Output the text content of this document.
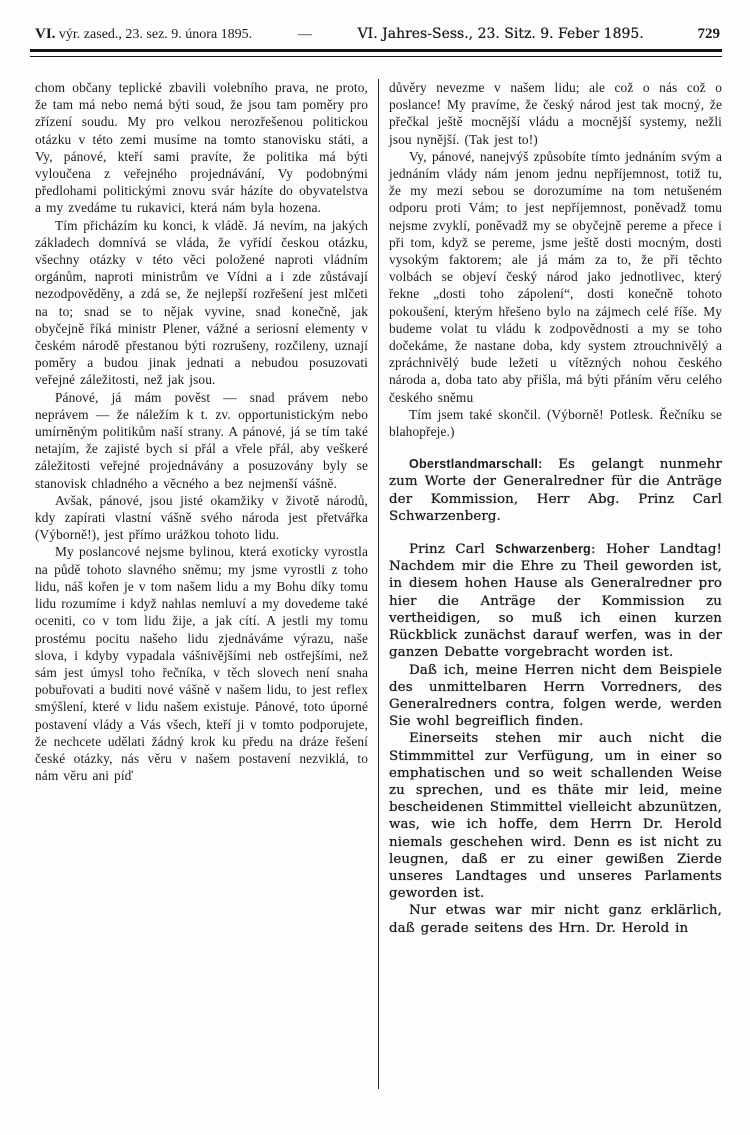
VI. výr. zased., 23. sez. 9. února 1895.	—	VI. Jahres-Sess., 23. Sitz. 9. Feber 1895.	729

chom občany teplické zbavili volebního prava, ne proto, že tam má nebo nemá býti soud, že jsou tam poměry pro zřízení soudu. My pro velkou nerozřešenou politickou otázku v této zemi musíme na tomto stanovisku státi, a Vy, pánové, kteří sami pravíte, že politika má býti vyloučena z veřejného projednávání, Vy podobnými předlohami politickými znovu svár házíte do obyvatelstva a my zvedáme tu rukavici, která nám byla hozena.

Tím přicházím ku konci, k vládě. Já nevím, na jakých základech domnívá se vláda, že vyřídí českou otázku, všechny otázky v této věci položené naproti vládním orgánům, naproti ministrům ve Vídni a i zde zůstávají nezodpověděny, a zdá se, že nejlepší rozřešení jest mlčeti na to; snad se to nějak vyvine, snad konečně, jak obyčejně říká ministr Plener, vážné a seriosní elementy v českém národě přestanou býti rozrušeny, rozčileny, uznají poměry a budou jinak jednati a nebudou posuzovati veřejné záležitosti, než jak jsou.

Pánové, já mám pověst — snad právem nebo neprávem — že náležím k t. zv. opportunistickým nebo umírněným politikům naší strany. A pánové, já se tím také netajím, že zajisté bych si přál a vřele přál, aby veškeré záležitosti veřejné projednávány a posuzovány byly se stanovisk chladného a věcného a bez nejmenší vášně.

Avšak, pánové, jsou jisté okamžiky v životě národů, kdy zapírati vlastní vášně svého národa jest přetvářka (Výborně!), jest přímo urážkou tohoto lidu.

My poslancové nejsme bylinou, která exoticky vyrostla na půdě tohoto slavného sněmu; my jsme vyrostli z toho lidu, náš kořen je v tom našem lidu a my Bohu díky tomu lidu rozumíme i když nahlas nemluví a my dovedeme také oceniti, co v tom lidu žije, a jak cítí. A jestli my tomu prostému pocitu našeho lidu zjednáváme výrazu, naše slova, i kdyby vypadala vášnivějšími neb ostřejšími, než sám jest úmysl toho řečníka, v těch slovech není snaha pobuřovati a buditi nové vášně v našem lidu, to jest reflex smýšlení, které v lidu našem existuje. Pánové, toto úporné postavení vlády a Vás všech, kteří ji v tomto podporujete, že nechcete udělati žádný krok ku předu na dráze řešení české otázky, nás věru v našem postavení nezviklá, to nám věru ani píď

důvěry nevezme v našem lidu; ale což o nás což o poslance! My pravíme, že český národ jest tak mocný, že přečkal ještě mocnější vládu a mocnější systemy, nežli jsou nynější. (Tak jest to!)

Vy, pánové, nanejvýš způsobíte tímto jednáním svým a jednáním vlády nám jenom jednu nepříjemnost, totiž tu, že my mezi sebou se dorozumíme na tom netušeném odporu proti Vám; to jest nepříjemnost, poněvadž tomu nejsme zvyklí, poněvadž my se obyčejně pereme a přece i při tom, když se pereme, jsme ještě dosti mocným, dosti vysokým faktorem; ale já mám za to, že při těchto volbách se objeví český národ jako jednotlivec, který řekne „dosti toho zápolení“, dosti konečně tohoto pokoušení, kterým hřešeno bylo na zájmech celé říše. My budeme volat tu vládu k zodpovědnosti a my se toho dočekáme, že nastane doba, kdy system ztrouchnivělý a zpráchnivělý bude ležeti u vítězných nohou českého národa a, doba tato aby přišla, má býti přáním věru celého českého sněmu

Tím jsem také skončil. (Výborně! Potlesk. Řečníku se blahopřeje.)

Oberstlandmarschall: Es gelangt nunmehr zum Worte der Generalredner für die Anträge der Kommission, Herr Abg. Prinz Carl Schwarzenberg.

Prinz Carl Schwarzenberg: Hoher Landtag! Nachdem mir die Ehre zu Theil geworden ist, in diesem hohen Hause als Generalredner pro hier die Anträge der Kommission zu vertheidigen, so muß ich einen kurzen Rückblick zunächst darauf werfen, was in der ganzen Debatte vorgebracht worden ist.

Daß ich, meine Herren nicht dem Beispiele des unmittelbaren Herrn Vorredners, des Generalredners contra, folgen werde, werden Sie wohl begreiflich finden.

Einerseits stehen mir auch nicht die Stimmmittel zur Verfügung, um in einer so emphatischen und so weit schallenden Weise zu sprechen, und es thäte mir leid, meine bescheidenen Stimmittel vielleicht abzunützen, was, wie ich hoffe, dem Herrn Dr. Herold niemals geschehen wird. Denn es ist nicht zu leugnen, daß er zu einer gewißen Zierde unseres Landtages und unseres Parlaments geworden ist.

Nur etwas war mir nicht ganz erklärlich, daß gerade seitens des Hrn. Dr. Herold in
